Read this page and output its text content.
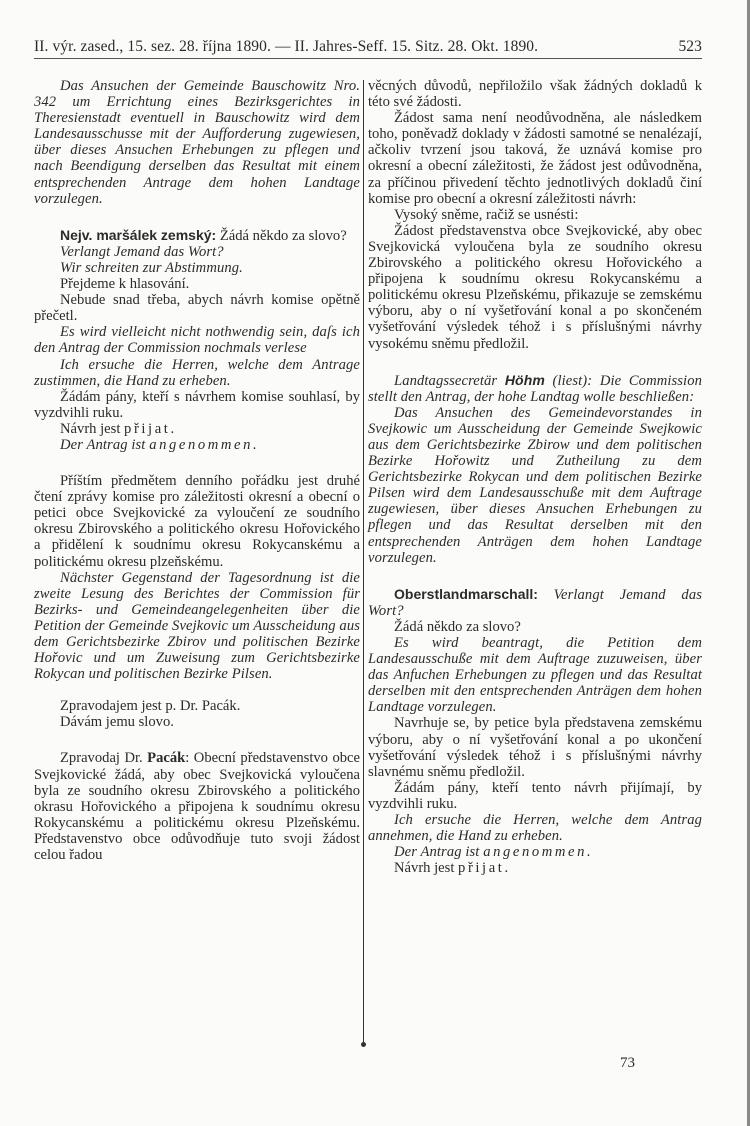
II. výr. zased., 15. sez. 28. října 1890. — II. Jahres-Seff. 15. Sitz. 28. Okt. 1890.	523

Das Ansuchen der Gemeinde Bauschowitz Nro. 342 um Errichtung eines Bezirksgerichtes in Theresienstadt eventuell in Bauschowitz wird dem Landesausschusse mit der Aufforderung zugewiesen, über dieses Ansuchen Erhebungen zu pflegen und nach Beendigung derselben das Resultat mit einem entsprechenden Antrage dem hohen Landtage vorzulegen.

Nejv. maršálek zemský: Žádá někdo za slovo?

Verlangt Jemand das Wort?

Wir schreiten zur Abstimmung.

Přejdeme k hlasování.

Nebude snad třeba, abych návrh komise opětně přečetl.

Es wird vielleicht nicht nothwendig sein, daſs ich den Antrag der Commission nochmals verlese

Ich ersuche die Herren, welche dem Antrage zustimmen, die Hand zu erheben.

Žádám pány, kteří s návrhem komise souhlasí, by vyzdvihli ruku.

Návrh jest přijat.

Der Antrag ist angenommen.

Příštím předmětem denního pořádku jest druhé čtení zprávy komise pro záležitosti okresní a obecní o petici obce Svejkovické za vyloučení ze soudního okresu Zbirovského a politického okresu Hořovického a přidělení k soudnímu okresu Rokycanskému a politickému okresu plzeňskému.

Nächster Gegenstand der Tagesordnung ist die zweite Lesung des Berichtes der Commission für Bezirks- und Gemeindeangelegenheiten über die Petition der Gemeinde Svejkovic um Ausscheidung aus dem Gerichtsbezirke Zbirov und politischen Bezirke Hořovic und um Zuweisung zum Gerichtsbezirke Rokycan und politischen Bezirke Pilsen.

Zpravodajem jest p. Dr. Pacák.

Dávám jemu slovo.

Zpravodaj Dr. Pacák: Obecní představenstvo obce Svejkovické žádá, aby obec Svejkovická vyloučena byla ze soudního okresu Zbirovského a politického okrasu Hořovického a připojena k soudnímu okresu Rokycanskému a politickému okresu Plzeňskému. Představenstvo obce odůvodňuje tuto svoji žádost celou řadou

věcných důvodů, nepřiložilo však žádných dokladů k této své žádosti.

Žádost sama není neodůvodněna, ale následkem toho, poněvadž doklady v žádosti samotné se nenalézají, ačkoliv tvrzení jsou taková, že uznává komise pro okresní a obecní záležitosti, že žádost jest odůvodněna, za příčinou přivedení těchto jednotlivých dokladů činí komise pro obecní a okresní záležitosti návrh:

Vysoký sněme, račiž se usnésti:

Žádost představenstva obce Svejkovické, aby obec Svejkovická vyloučena byla ze soudního okresu Zbirovského a politického okresu Hořovického a připojena k soudnímu okresu Rokycanskému a politickému okresu Plzeňskému, přikazuje se zemskému výboru, aby o ní vyšetřování konal a po skončeném vyšetřování výsledek téhož i s příslušnými návrhy vysokému sněmu předložil.

Landtagssecretär Höhm (liest): Die Commission stellt den Antrag, der hohe Landtag wolle beschließen:

Das Ansuchen des Gemeindevorstandes in Svejkowic um Ausscheidung der Gemeinde Swejkowic aus dem Gerichtsbezirke Zbirow und dem politischen Bezirke Hořowitz und Zutheilung zu dem Gerichtsbezirke Rokycan und dem politischen Bezirke Pilsen wird dem Landesausschuße mit dem Auftrage zugewiesen, über dieses Ansuchen Erhebungen zu pflegen und das Resultat derselben mit den entsprechenden Anträgen dem hohen Landtage vorzulegen.

Oberstlandmarschall: Verlangt Jemand das Wort?

Žádá někdo za slovo?

Es wird beantragt, die Petition dem Landesausschuße mit dem Auftrage zuzuweisen, über das Anfuchen Erhebungen zu pflegen und das Resultat derselben mit den entsprechenden Anträgen dem hohen Landtage vorzulegen.

Navrhuje se, by petice byla představena zemskému výboru, aby o ní vyšetřování konal a po ukončení vyšetřování výsledek téhož i s příslušnými návrhy slavnému sněmu předložil.

Žádám pány, kteří tento návrh přijímají, by vyzdvihli ruku.

Ich ersuche die Herren, welche dem Antrag annehmen, die Hand zu erheben.

Der Antrag ist angenommen.

Návrh jest přijat.

73
